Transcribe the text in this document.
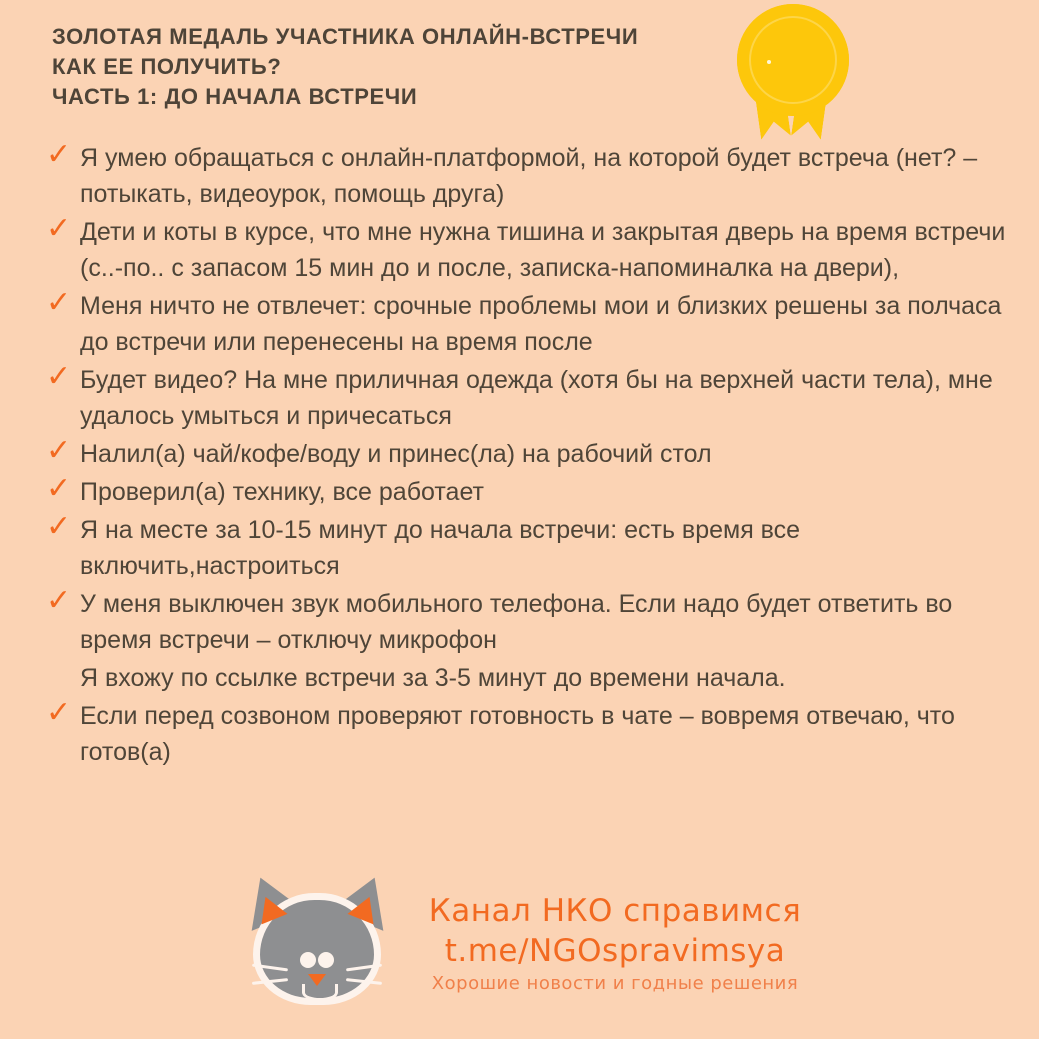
ЗОЛОТАЯ МЕДАЛЬ УЧАСТНИКА ОНЛАЙН-ВСТРЕЧИ
КАК ЕЕ ПОЛУЧИТЬ?
ЧАСТЬ 1: ДО НАЧАЛА ВСТРЕЧИ
✓ Я умею обращаться с онлайн-платформой, на которой будет встреча (нет? – потыкать, видеоурок, помощь друга)
✓ Дети и коты в курсе, что мне нужна тишина и закрытая дверь на время встречи (с..-по.. с запасом 15 мин до и после, записка-напоминалка на двери),
✓ Меня ничто не отвлечет: срочные проблемы мои и близких решены за полчаса до встречи или перенесены на время после
✓ Будет видео? На мне приличная одежда (хотя бы на верхней части тела), мне удалось умыться и причесаться
✓ Налил(а) чай/кофе/воду и принес(ла) на рабочий стол
✓ Проверил(а) технику, все работает
✓ Я на месте за 10-15 минут до начала встречи: есть время все включить,настроиться
✓ У меня выключен звук мобильного телефона. Если надо будет ответить во время встречи – отключу микрофон
Я вхожу по ссылке встречи за 3-5 минут до времени начала.
✓ Если перед созвоном проверяют готовность в чате – вовремя отвечаю, что готов(а)
Канал НКО справимся
t.me/NGOspravimsya
Хорошие новости и годные решения
